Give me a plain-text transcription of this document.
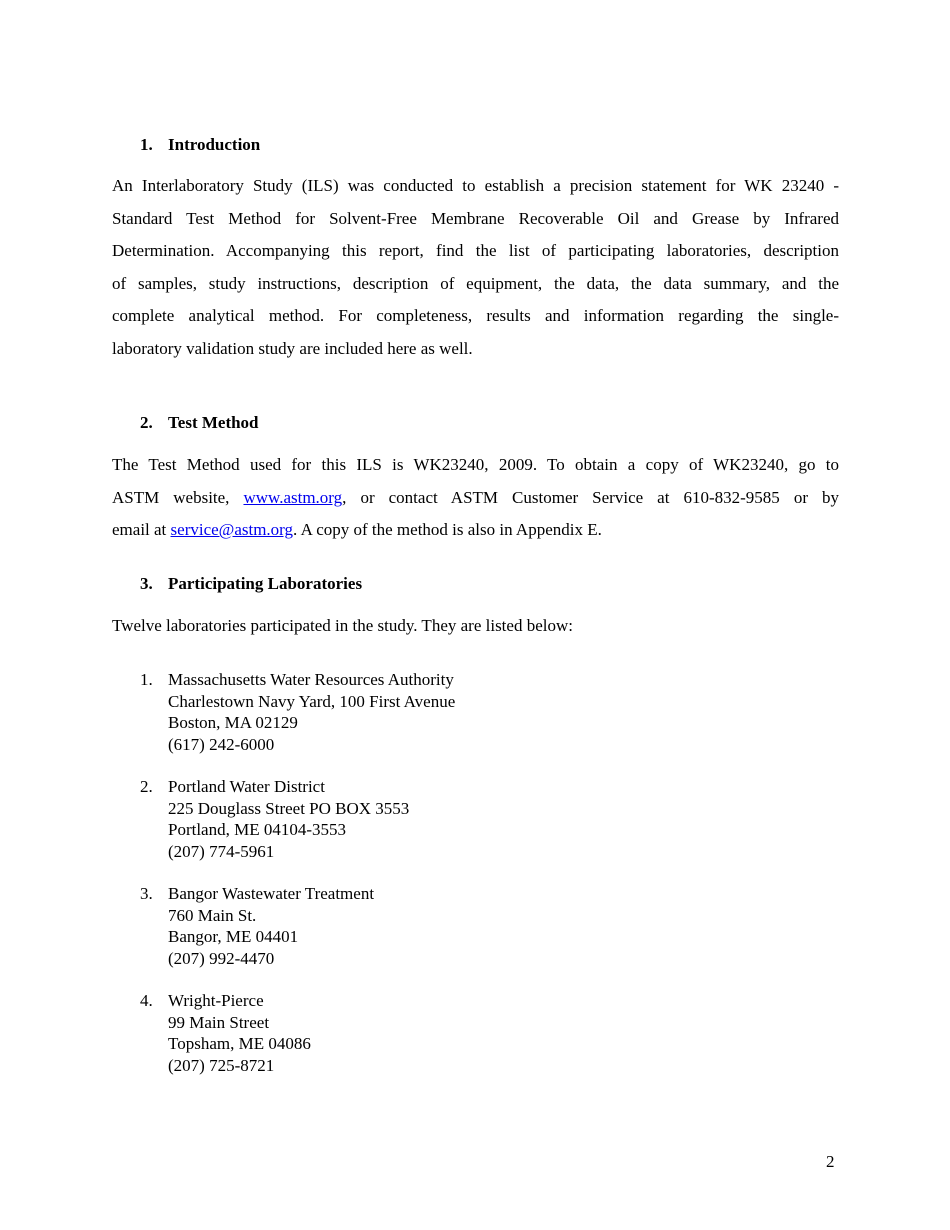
1. Introduction
An Interlaboratory Study (ILS) was conducted to establish a precision statement for WK 23240 -
Standard Test Method for Solvent-Free Membrane Recoverable Oil and Grease by Infrared
Determination. Accompanying this report, find the list of participating laboratories, description
of samples, study instructions, description of equipment, the data, the data summary, and the
complete analytical method. For completeness, results and information regarding the single-
laboratory validation study are included here as well.
2. Test Method
The Test Method used for this ILS is WK23240, 2009. To obtain a copy of WK23240, go to
ASTM website, www.astm.org, or contact ASTM Customer Service at 610-832-9585 or by
email at service@astm.org. A copy of the method is also in Appendix E.
3. Participating Laboratories
Twelve laboratories participated in the study. They are listed below:
1. Massachusetts Water Resources Authority
Charlestown Navy Yard, 100 First Avenue
Boston, MA 02129
(617) 242-6000
2. Portland Water District
225 Douglass Street PO BOX 3553
Portland, ME 04104-3553
(207) 774-5961
3. Bangor Wastewater Treatment
760 Main St.
Bangor, ME 04401
(207) 992-4470
4. Wright-Pierce
99 Main Street
Topsham, ME 04086
(207) 725-8721
2
